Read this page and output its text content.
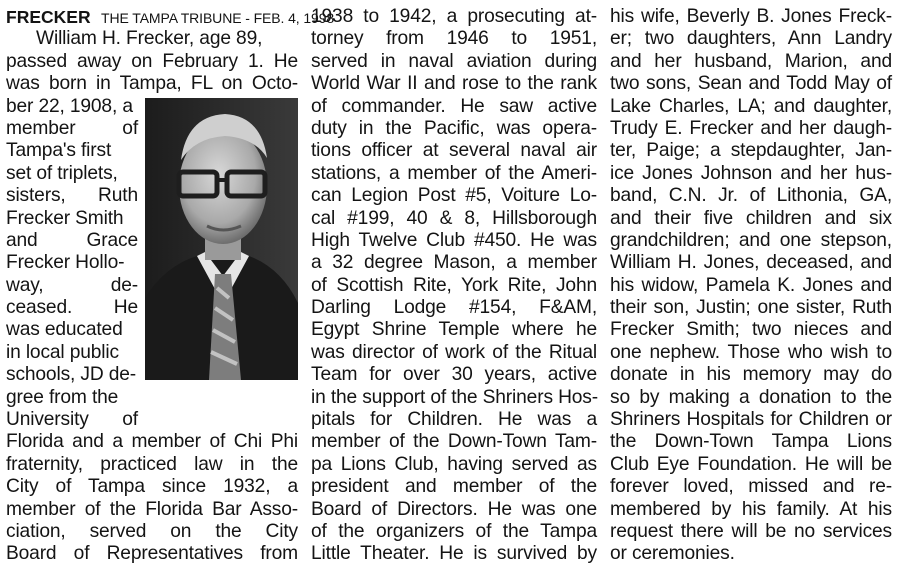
FRECKER THE TAMPA TRIBUNE - FEB. 4, 1998
William H. Frecker, age 89,
passed away on February 1. He
was born in Tampa, FL on Octo-
ber 22, 1908, a
member of
Tampa's first
set of triplets,
sisters, Ruth
Frecker Smith
and Grace
Frecker Hollo-
way, de-
ceased. He
was educated
in local public
schools, JD de-
gree from the
University of
Florida and a member of Chi Phi
fraternity, practiced law in the
City of Tampa since 1932, a
member of the Florida Bar Asso-
ciation, served on the City
Board of Representatives from
1938 to 1942, a prosecuting at-
torney from 1946 to 1951,
served in naval aviation during
World War II and rose to the rank
of commander. He saw active
duty in the Pacific, was opera-
tions officer at several naval air
stations, a member of the Ameri-
can Legion Post #5, Voiture Lo-
cal #199, 40 & 8, Hillsborough
High Twelve Club #450. He was
a 32 degree Mason, a member
of Scottish Rite, York Rite, John
Darling Lodge #154, F&AM,
Egypt Shrine Temple where he
was director of work of the Ritual
Team for over 30 years, active
in the support of the Shriners Hos-
pitals for Children. He was a
member of the Down-Town Tam-
pa Lions Club, having served as
president and member of the
Board of Directors. He was one
of the organizers of the Tampa
Little Theater. He is survived by
his wife, Beverly B. Jones Freck-
er; two daughters, Ann Landry
and her husband, Marion, and
two sons, Sean and Todd May of
Lake Charles, LA; and daughter,
Trudy E. Frecker and her daugh-
ter, Paige; a stepdaughter, Jan-
ice Jones Johnson and her hus-
band, C.N. Jr. of Lithonia, GA,
and their five children and six
grandchildren; and one stepson,
William H. Jones, deceased, and
his widow, Pamela K. Jones and
their son, Justin; one sister, Ruth
Frecker Smith; two nieces and
one nephew. Those who wish to
donate in his memory may do
so by making a donation to the
Shriners Hospitals for Children or
the Down-Town Tampa Lions
Club Eye Foundation. He will be
forever loved, missed and re-
membered by his family. At his
request there will be no services
or ceremonies.
